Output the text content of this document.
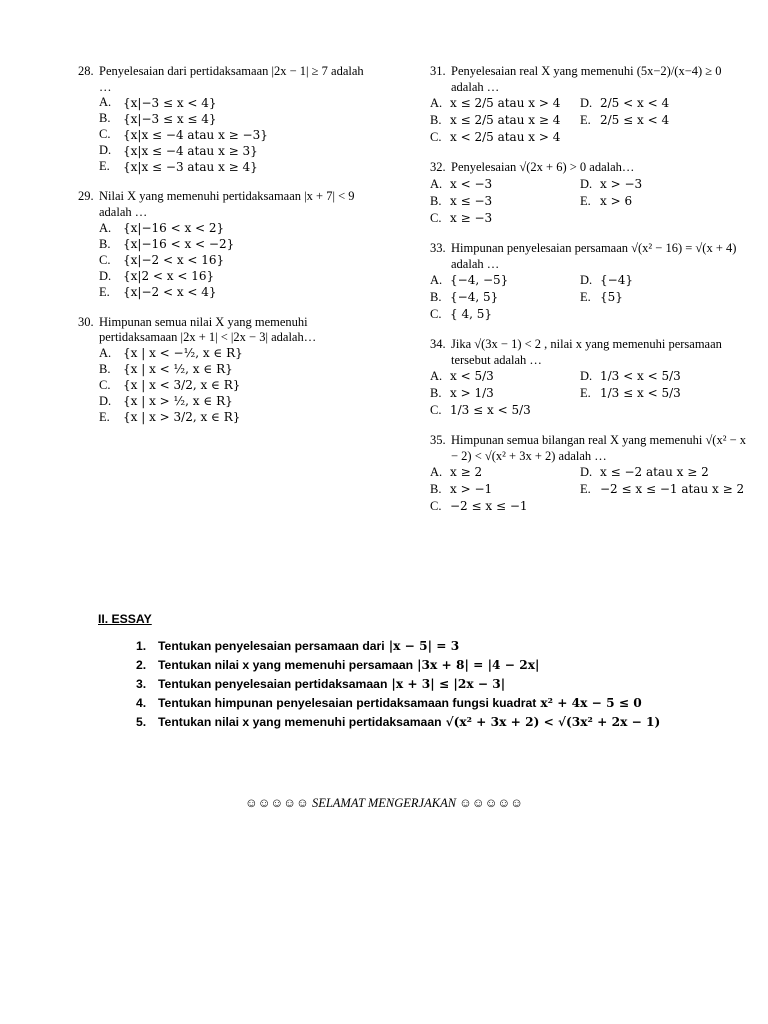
28. Penyelesaian dari pertidaksamaan |2x − 1| ≥ 7 adalah …
A. {x|−3 ≤ x < 4}
B.	{x|−3 ≤ x ≤ 4}
C.	{x|x ≤ −4 atau x ≥ −3}
D. {x|x ≤ −4 atau x ≥ 3}
E.	{x|x ≤ −3 atau x ≥ 4}
29. Nilai X yang memenuhi pertidaksamaan |x + 7| < 9 adalah …
A. {x|−16 < x < 2}
B.	{x|−16 < x < −2}
C.	{x|−2 < x < 16}
D. {x|2 < x < 16}
E.	{x|−2 < x < 4}
30. Himpunan semua nilai X yang memenuhi pertidaksamaan |2x + 1| < |2x − 3| adalah…
A. {x | x < −½, x ∈ R}
B.	{x | x < ½, x ∈ R}
C.	{x | x < 3/2, x ∈ R}
D. {x | x > ½, x ∈ R}
E.	{x | x > 3/2, x ∈ R}
31. Penyelesaian real X yang memenuhi (5x−2)/(x−4) ≥ 0 adalah …
A. x ≤ 2/5 atau x > 4 D. 2/5 < x < 4
B. x ≤ 2/5 atau x ≥ 4 E. 2/5 ≤ x < 4
C. x < 2/5 atau x > 4
32. Penyelesaian √(2x + 6) > 0 adalah…
A. x < −3	D. x > −3
B. x ≤ −3	E. x > 6
C. x ≥ −3
33. Himpunan penyelesaian persamaan √(x² − 16) = √(x + 4) adalah …
A. {−4, −5}	D. {−4}
B. {−4, 5}	E. {5}
C. { 4, 5}
34. Jika √(3x − 1) < 2 , nilai x yang memenuhi persamaan tersebut adalah …
A. x < 5/3	D. 1/3 < x < 5/3
B. x > 1/3	E. 1/3 ≤ x < 5/3
C. 1/3 ≤ x < 5/3
35. Himpunan semua bilangan real X yang memenuhi √(x² − x − 2) < √(x² + 3x + 2) adalah …
A. x ≥ 2	D. x ≤ −2 atau x ≥ 2
B. x > −1	E. −2 ≤ x ≤ −1 atau x ≥ 2
C. −2 ≤ x ≤ −1
II. ESSAY
1. Tentukan penyelesaian persamaan dari |x − 5| = 3
2. Tentukan nilai x yang memenuhi persamaan |3x + 8| = |4 − 2x|
3. Tentukan penyelesaian pertidaksamaan |x + 3| ≤ |2x − 3|
4. Tentukan himpunan penyelesaian pertidaksamaan fungsi kuadrat x² + 4x − 5 ≤ 0
5. Tentukan nilai x yang memenuhi pertidaksamaan √(x² + 3x + 2) < √(3x² + 2x − 1)
☺☺☺☺☺ SELAMAT MENGERJAKAN ☺☺☺☺☺
